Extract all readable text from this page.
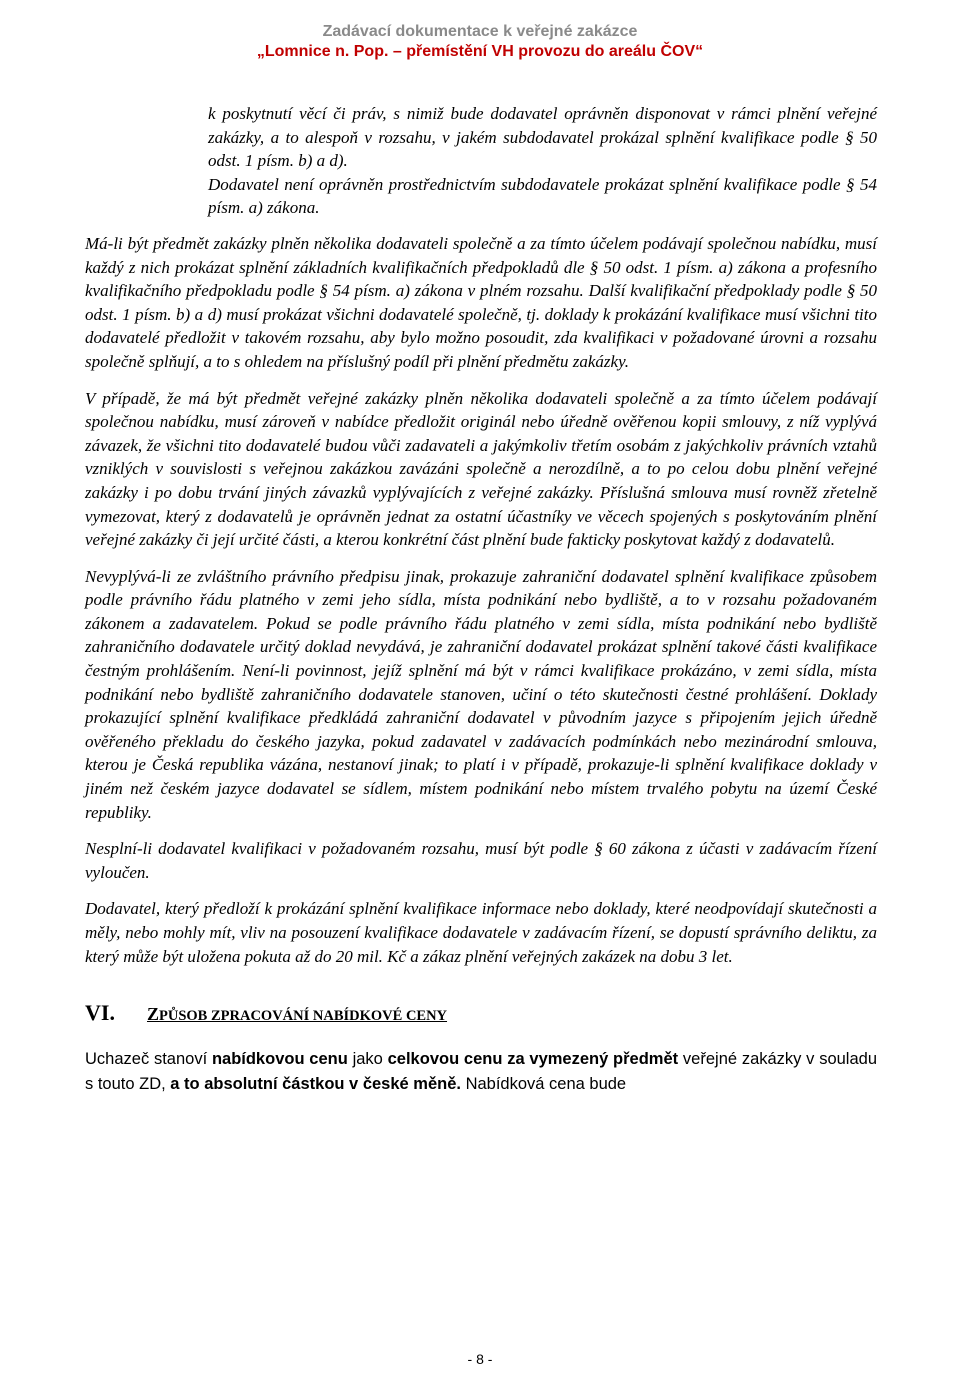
Zadávací dokumentace k veřejné zakázce
„Lomnice n. Pop. – přemístění VH provozu do areálu ČOV“

k poskytnutí věcí či práv, s nimiž bude dodavatel oprávněn disponovat v rámci plnění veřejné zakázky, a to alespoň v rozsahu, v jakém subdodavatel prokázal splnění kvalifikace podle § 50 odst. 1 písm. b) a d).

Dodavatel není oprávněn prostřednictvím subdodavatele prokázat splnění kvalifikace podle § 54 písm. a) zákona.

Má-li být předmět zakázky plněn několika dodavateli společně a za tímto účelem podávají společnou nabídku, musí každý z nich prokázat splnění základních kvalifikačních předpokladů dle § 50 odst. 1 písm. a) zákona a profesního kvalifikačního předpokladu podle § 54 písm. a) zákona v plném rozsahu. Další kvalifikační předpoklady podle § 50 odst. 1 písm. b) a d) musí prokázat všichni dodavatelé společně, tj. doklady k prokázání kvalifikace musí všichni tito dodavatelé předložit v takovém rozsahu, aby bylo možno posoudit, zda kvalifikaci v požadované úrovni a rozsahu společně splňují, a to s ohledem na příslušný podíl při plnění předmětu zakázky.

V případě, že má být předmět veřejné zakázky plněn několika dodavateli společně a za tímto účelem podávají společnou nabídku, musí zároveň v nabídce předložit originál nebo úředně ověřenou kopii smlouvy, z níž vyplývá závazek, že všichni tito dodavatelé budou vůči zadavateli a jakýmkoliv třetím osobám z jakýchkoliv právních vztahů vzniklých v souvislosti s veřejnou zakázkou zavázáni společně a nerozdílně, a to po celou dobu plnění veřejné zakázky i po dobu trvání jiných závazků vyplývajících z veřejné zakázky. Příslušná smlouva musí rovněž zřetelně vymezovat, který z dodavatelů je oprávněn jednat za ostatní účastníky ve věcech spojených s poskytováním plnění veřejné zakázky či její určité části, a kterou konkrétní část plnění bude fakticky poskytovat každý z dodavatelů.

Nevyplývá-li ze zvláštního právního předpisu jinak, prokazuje zahraniční dodavatel splnění kvalifikace způsobem podle právního řádu platného v zemi jeho sídla, místa podnikání nebo bydliště, a to v rozsahu požadovaném zákonem a zadavatelem. Pokud se podle právního řádu platného v zemi sídla, místa podnikání nebo bydliště zahraničního dodavatele určitý doklad nevydává, je zahraniční dodavatel prokázat splnění takové části kvalifikace čestným prohlášením. Není-li povinnost, jejíž splnění má být v rámci kvalifikace prokázáno, v zemi sídla, místa podnikání nebo bydliště zahraničního dodavatele stanoven, učiní o této skutečnosti čestné prohlášení. Doklady prokazující splnění kvalifikace předkládá zahraniční dodavatel v původním jazyce s připojením jejich úředně ověřeného překladu do českého jazyka, pokud zadavatel v zadávacích podmínkách nebo mezinárodní smlouva, kterou je Česká republika vázána, nestanoví jinak; to platí i v případě, prokazuje-li splnění kvalifikace doklady v jiném než českém jazyce dodavatel se sídlem, místem podnikání nebo místem trvalého pobytu na území České republiky.

Nesplní-li dodavatel kvalifikaci v požadovaném rozsahu, musí být podle § 60 zákona z účasti v zadávacím řízení vyloučen.

Dodavatel, který předloží k prokázání splnění kvalifikace informace nebo doklady, které neodpovídají skutečnosti a měly, nebo mohly mít, vliv na posouzení kvalifikace dodavatele v zadávacím řízení, se dopustí správního deliktu, za který může být uložena pokuta až do 20 mil. Kč a zákaz plnění veřejných zakázek na dobu 3 let.

VI.	ZPŮSOB ZPRACOVÁNÍ NABÍDKOVÉ CENY

Uchazeč stanoví nabídkovou cenu jako celkovou cenu za vymezený předmět veřejné zakázky v souladu s touto ZD, a to absolutní částkou v české měně. Nabídková cena bude

- 8 -
